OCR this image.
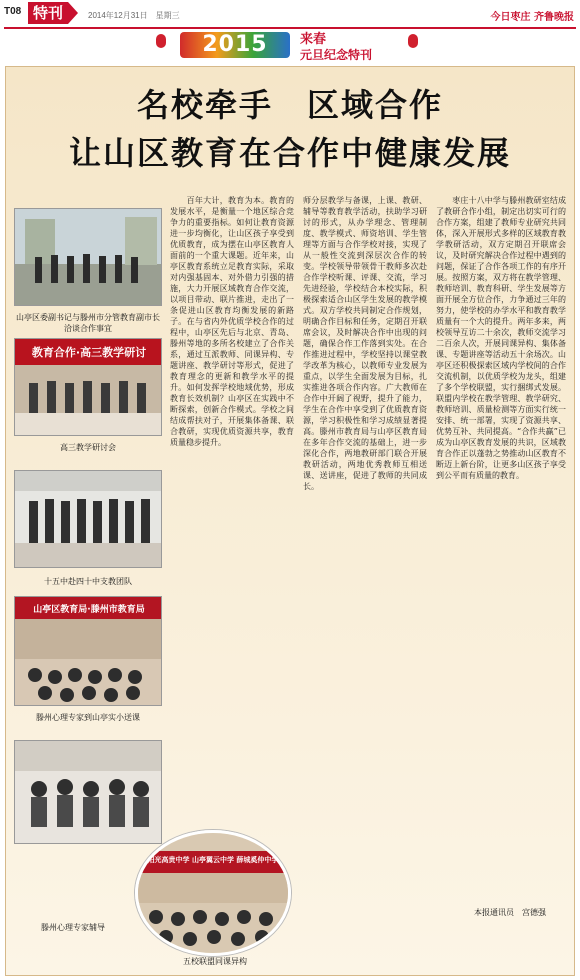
T08 特刊	2014年12月31日　星期三	今日枣庄 齐鲁晚报
2015	来春
元旦纪念特刊
名校牵手　区域合作
让山区教育在合作中健康发展
山亭区委副书记与滕州市分管教育副市长洽谈合作事宜
教育合作·高三教学研讨
高三教学研讨会
十五中赴四十中支教团队
山亭区教育局·滕州市教育局
滕州心理专家到山亭实小送课
滕州心理专家辅导
阳光高贵中学 山亭翼云中学 薛城奚仲中学
五校联盟同课异构
　　百年大计，教育为本。教育的发展水平，是衡量一个地区综合竞争力的重要指标。如何让教育资源进一步均衡化，让山区孩子享受到优质教育，成为摆在山亭区教育人面前的一个重大课题。近年来，山亭区教育系统立足教育实际，采取对内强基固本、对外借力引强的措施，大力开展区域教育合作交流，以项目带动、联片推进，走出了一条促进山区教育均衡发展的新路子。在与省内外优质学校合作的过程中，山亭区先后与北京、青岛、滕州等地的多所名校建立了合作关系，通过互派教师、同课异构、专题讲座、教学研讨等形式，促进了教育理念的更新和教学水平的提升。如何发挥学校地域优势，形成教育长效机制？山亭区在实践中不断探索，创新合作模式。学校之间结成帮扶对子，开展集体备课、联合教研，实现优质资源共享，教育质量稳步提升。
师分层教学与备课，上课、教研、辅导等教育教学活动，扶助学习研讨的形式，从办学理念、管理制度、教学模式、师资培训、学生管理等方面与合作学校对接，实现了从一般性交流到深层次合作的转变。学校领导带领骨干教师多次赴合作学校听课、评课、交流，学习先进经验，学校结合本校实际，积极探索适合山区学生发展的教学模式。双方学校共同制定合作规划，明确合作目标和任务，定期召开联席会议，及时解决合作中出现的问题，确保合作工作落到实处。在合作推进过程中，学校坚持以课堂教学改革为核心，以教师专业发展为重点，以学生全面发展为目标，扎实推进各项合作内容。广大教师在合作中开阔了视野，提升了能力，学生在合作中享受到了优质教育资源，学习积极性和学习成绩显著提高。滕州市教育局与山亭区教育局在多年合作交流的基础上，进一步深化合作，两地教研部门联合开展教研活动，两地优秀教师互相送课、送讲座，促进了教师的共同成长。
　　枣庄十八中学与滕州教研室结成了教研合作小组，制定出切实可行的合作方案，组建了教师专业研究共同体，深入开展形式多样的区域教育教学教研活动，双方定期召开联席会议，及时研究解决合作过程中遇到的问题，保证了合作各项工作的有序开展。按照方案，双方将在教学管理、教师培训、教育科研、学生发展等方面开展全方位合作，力争通过三年的努力，使学校的办学水平和教育教学质量有一个大的提升。两年多来，两校领导互访二十余次，教师交流学习二百余人次，开展同课异构、集体备课、专题讲座等活动五十余场次。山亭区还积极探索区域内学校间的合作交流机制，以优质学校为龙头，组建了多个学校联盟，实行捆绑式发展。联盟内学校在教学管理、教学研究、教师培训、质量检测等方面实行统一安排、统一部署，实现了资源共享、优势互补、共同提高。“合作共赢”已成为山亭区教育发展的共识，区域教育合作正以蓬勃之势推动山区教育不断迈上新台阶，让更多山区孩子享受到公平而有质量的教育。
本报通讯员　宫德强
